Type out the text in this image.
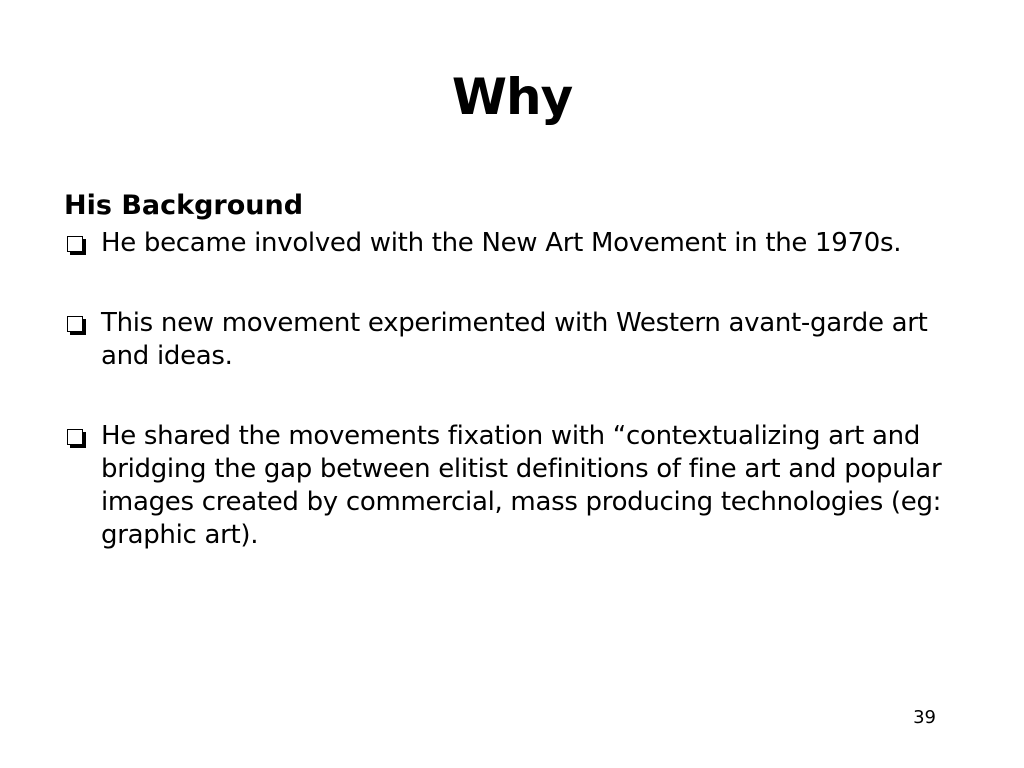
Why
His Background
He became involved with the New Art Movement in the 1970s.
This new movement experimented with Western avant-garde art and ideas.
He shared the movements fixation with “contextualizing art and bridging the gap between elitist definitions of fine art and popular images created by commercial, mass producing technologies (eg: graphic art).
39
